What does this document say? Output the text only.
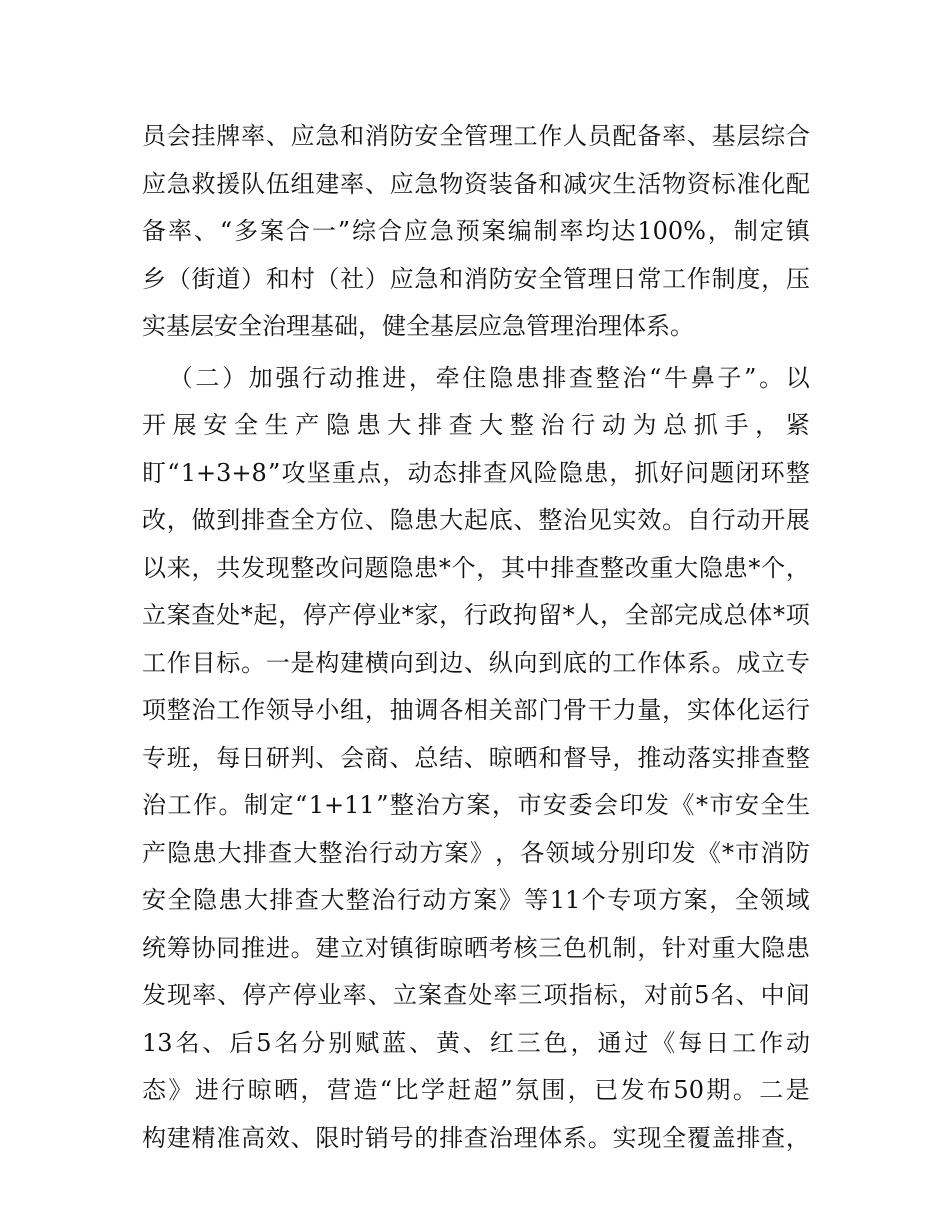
员 会 挂 牌 率 、 应 急 和 消 防 安 全 管 理 工 作 人 员 配 备 率 、 基 层 综 合
应 急 救 援 队 伍 组 建 率 、 应 急 物 资 装 备 和 减 灾 生 活 物 资 标 准 化 配
备 率 、 “ 多 案 合 一 ” 综 合 应 急 预 案 编 制 率 均 达 100% ， 制 定 镇
乡 （ 街 道 ） 和 村 （ 社 ） 应 急 和 消 防 安 全 管 理 日 常 工 作 制 度 ， 压
实 基 层 安 全 治 理 基 础 ， 健 全 基 层 应 急 管 理 治 理 体 系 。

（ 二 ） 加 强 行 动 推 进 ， 牵 住 隐 患 排 查 整 治 “ 牛 鼻 子 ” 。 以
开 展 安 全 生 产 隐 患 大 排 查 大 整 治 行 动 为 总 抓 手 ， 紧
盯 “ 1+3+8 ” 攻 坚 重 点 ， 动 态 排 查 风 险 隐 患 ， 抓 好 问 题 闭 环 整
改 ， 做 到 排 查 全 方 位 、 隐 患 大 起 底 、 整 治 见 实 效 。 自 行 动 开 展
以 来 ， 共 发 现 整 改 问 题 隐 患 * 个 ， 其 中 排 查 整 改 重 大 隐 患 * 个 ，
立 案 查 处 * 起 ， 停 产 停 业 * 家 ， 行 政 拘 留 * 人 ， 全 部 完 成 总 体 * 项
工 作 目 标 。 一 是 构 建 横 向 到 边 、 纵 向 到 底 的 工 作 体 系 。 成 立 专
项 整 治 工 作 领 导 小 组 ， 抽 调 各 相 关 部 门 骨 干 力 量 ， 实 体 化 运 行
专 班 ， 每 日 研 判 、 会 商 、 总 结 、 晾 晒 和 督 导 ， 推 动 落 实 排 查 整
治 工 作 。 制 定 “ 1+11 ” 整 治 方 案 ， 市 安 委 会 印 发 《 * 市 安 全 生
产 隐 患 大 排 查 大 整 治 行 动 方 案 》 ， 各 领 域 分 别 印 发 《 * 市 消 防
安 全 隐 患 大 排 查 大 整 治 行 动 方 案 》 等 11 个 专 项 方 案 ， 全 领 域
统 筹 协 同 推 进 。 建 立 对 镇 街 晾 晒 考 核 三 色 机 制 ， 针 对 重 大 隐 患
发 现 率 、 停 产 停 业 率 、 立 案 查 处 率 三 项 指 标 ， 对 前 5 名 、 中 间
13 名 、 后 5 名 分 别 赋 蓝 、 黄 、 红 三 色 ， 通 过 《 每 日 工 作 动
态 》 进 行 晾 晒 ， 营 造 “ 比 学 赶 超 ” 氛 围 ， 已 发 布 50 期 。 二 是
构 建 精 准 高 效 、 限 时 销 号 的 排 查 治 理 体 系 。 实 现 全 覆 盖 排 查 ，
